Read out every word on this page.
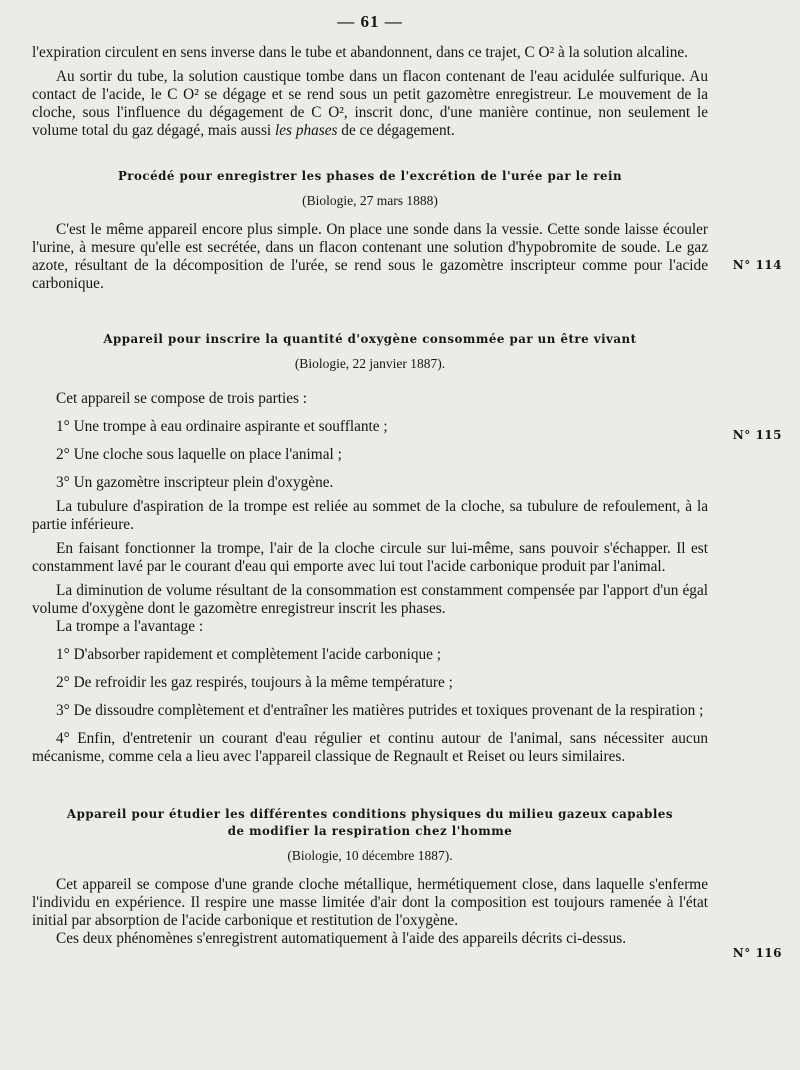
— 61 —

l'expiration circulent en sens inverse dans le tube et abandonnent, dans ce trajet, C O² à la solution alcaline.

Au sortir du tube, la solution caustique tombe dans un flacon contenant de l'eau acidulée sulfurique. Au contact de l'acide, le C O² se dégage et se rend sous un petit gazomètre enregistreur. Le mouvement de la cloche, sous l'influence du dégagement de C O², inscrit donc, d'une manière continue, non seulement le volume total du gaz dégagé, mais aussi les phases de ce dégagement.

Procédé pour enregistrer les phases de l'excrétion de l'urée par le rein
(Biologie, 27 mars 1888)
N° 114

C'est le même appareil encore plus simple. On place une sonde dans la vessie. Cette sonde laisse écouler l'urine, à mesure qu'elle est secrétée, dans un flacon contenant une solution d'hypobromite de soude. Le gaz azote, résultant de la décomposition de l'urée, se rend sous le gazomètre inscripteur comme pour l'acide carbonique.

Appareil pour inscrire la quantité d'oxygène consommée par un être vivant
(Biologie, 22 janvier 1887).
N° 115

Cet appareil se compose de trois parties :

1° Une trompe à eau ordinaire aspirante et soufflante ;

2° Une cloche sous laquelle on place l'animal ;

3° Un gazomètre inscripteur plein d'oxygène.

La tubulure d'aspiration de la trompe est reliée au sommet de la cloche, sa tubulure de refoulement, à la partie inférieure.

En faisant fonctionner la trompe, l'air de la cloche circule sur lui-même, sans pouvoir s'échapper. Il est constamment lavé par le courant d'eau qui emporte avec lui tout l'acide carbonique produit par l'animal.

La diminution de volume résultant de la consommation est constamment compensée par l'apport d'un égal volume d'oxygène dont le gazomètre enregistreur inscrit les phases.

La trompe a l'avantage :

1° D'absorber rapidement et complètement l'acide carbonique ;

2° De refroidir les gaz respirés, toujours à la même température ;

3° De dissoudre complètement et d'entraîner les matières putrides et toxiques provenant de la respiration ;

4° Enfin, d'entretenir un courant d'eau régulier et continu autour de l'animal, sans nécessiter aucun mécanisme, comme cela a lieu avec l'appareil classique de Regnault et Reiset ou leurs similaires.

Appareil pour étudier les différentes conditions physiques du milieu gazeux capables
de modifier la respiration chez l'homme
(Biologie, 10 décembre 1887).
N° 116

Cet appareil se compose d'une grande cloche métallique, hermétiquement close, dans laquelle s'enferme l'individu en expérience. Il respire une masse limitée d'air dont la composition est toujours ramenée à l'état initial par absorption de l'acide carbonique et restitution de l'oxygène.

Ces deux phénomènes s'enregistrent automatiquement à l'aide des appareils décrits ci-dessus.
